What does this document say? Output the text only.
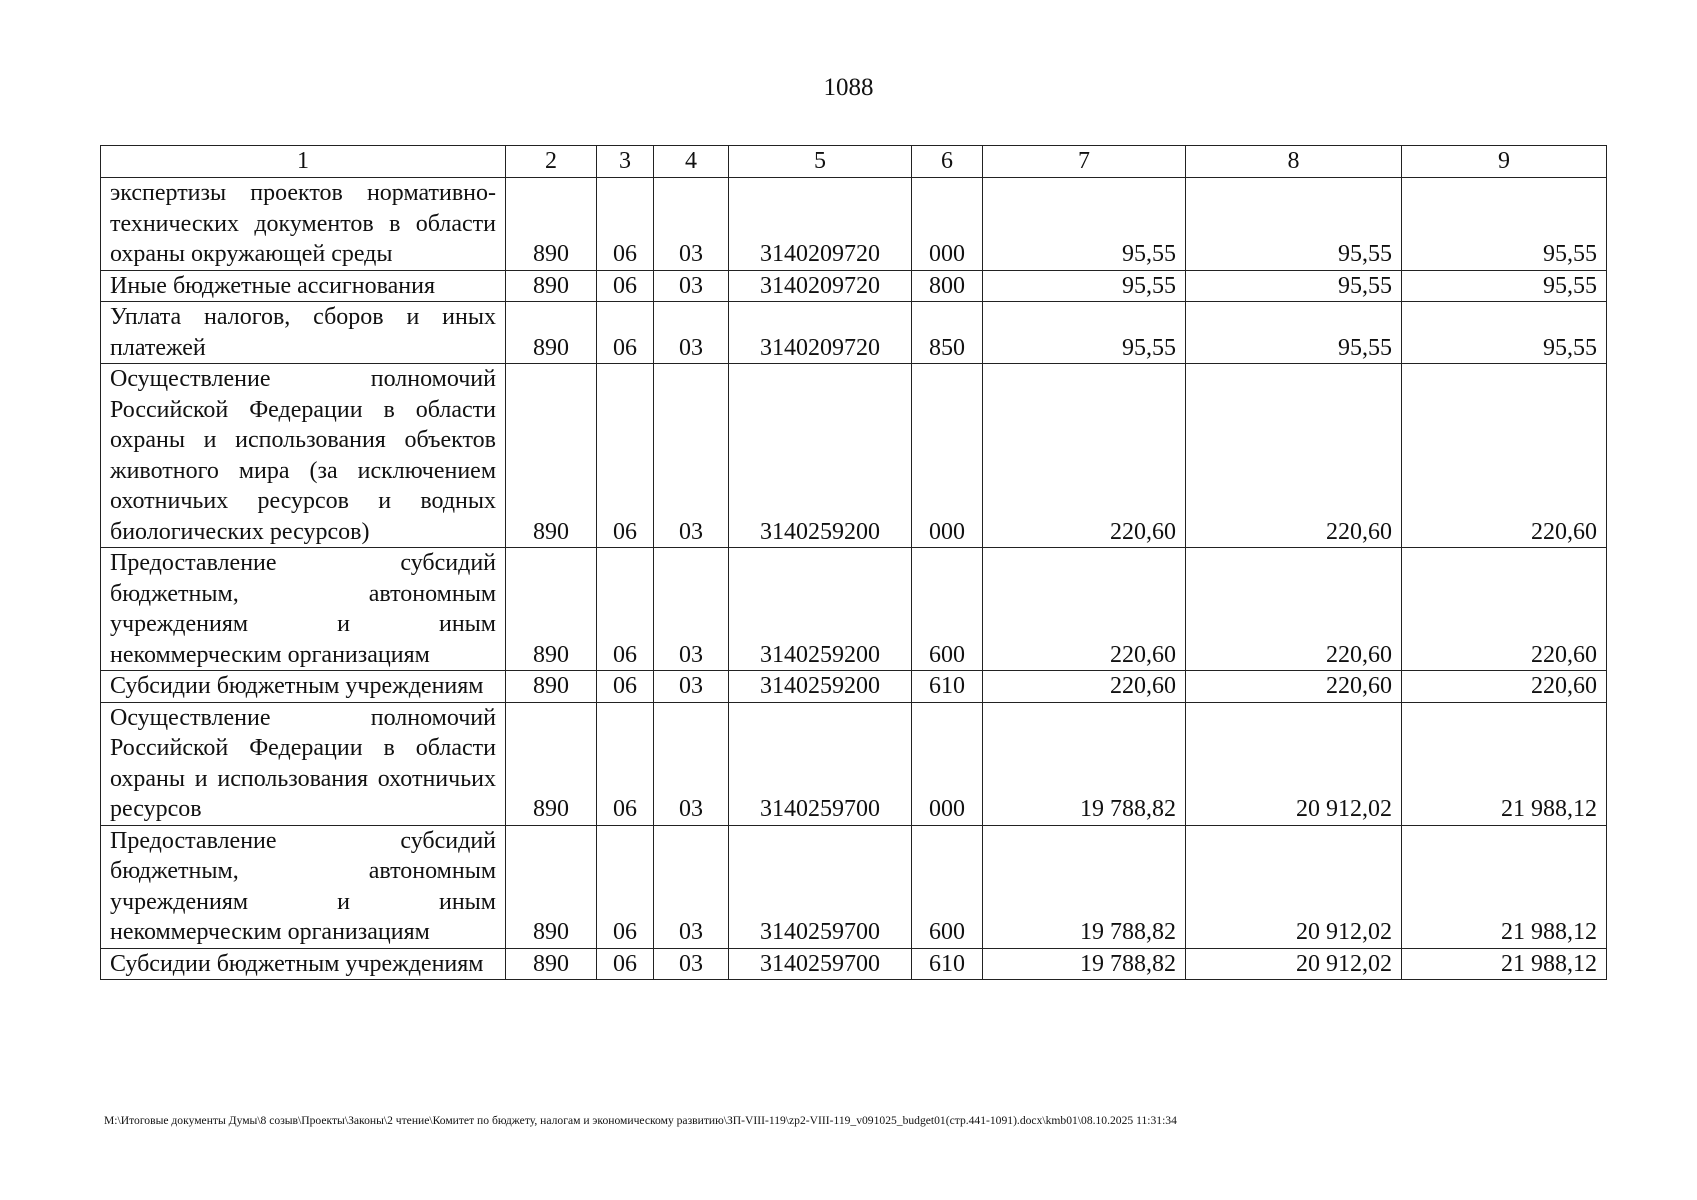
1088
1	2	3	4	5	6	7	8	9
экспертизы проектов нормативно-технических документов в области охраны окружающей среды	890	06	03	3140209720	000	95,55	95,55	95,55
Иные бюджетные ассигнования	890	06	03	3140209720	800	95,55	95,55	95,55
Уплата налогов, сборов и иных платежей	890	06	03	3140209720	850	95,55	95,55	95,55
Осуществление полномочий Российской Федерации в области охраны и использования объектов животного мира (за исключением охотничьих ресурсов и водных биологических ресурсов)	890	06	03	3140259200	000	220,60	220,60	220,60
Предоставление субсидий бюджетным, автономным учреждениям и иным некоммерческим организациям	890	06	03	3140259200	600	220,60	220,60	220,60
Субсидии бюджетным учреждениям	890	06	03	3140259200	610	220,60	220,60	220,60
Осуществление полномочий Российской Федерации в области охраны и использования охотничьих ресурсов	890	06	03	3140259700	000	19 788,82	20 912,02	21 988,12
Предоставление субсидий бюджетным, автономным учреждениям и иным некоммерческим организациям	890	06	03	3140259700	600	19 788,82	20 912,02	21 988,12
Субсидии бюджетным учреждениям	890	06	03	3140259700	610	19 788,82	20 912,02	21 988,12
М:\Итоговые документы Думы\8 созыв\Проекты\Законы\2 чтение\Комитет по бюджету, налогам и экономическому развитию\ЗП-VIII-119\zp2-VIII-119_v091025_budget01(стр.441-1091).docx\kmb01\08.10.2025 11:31:34
